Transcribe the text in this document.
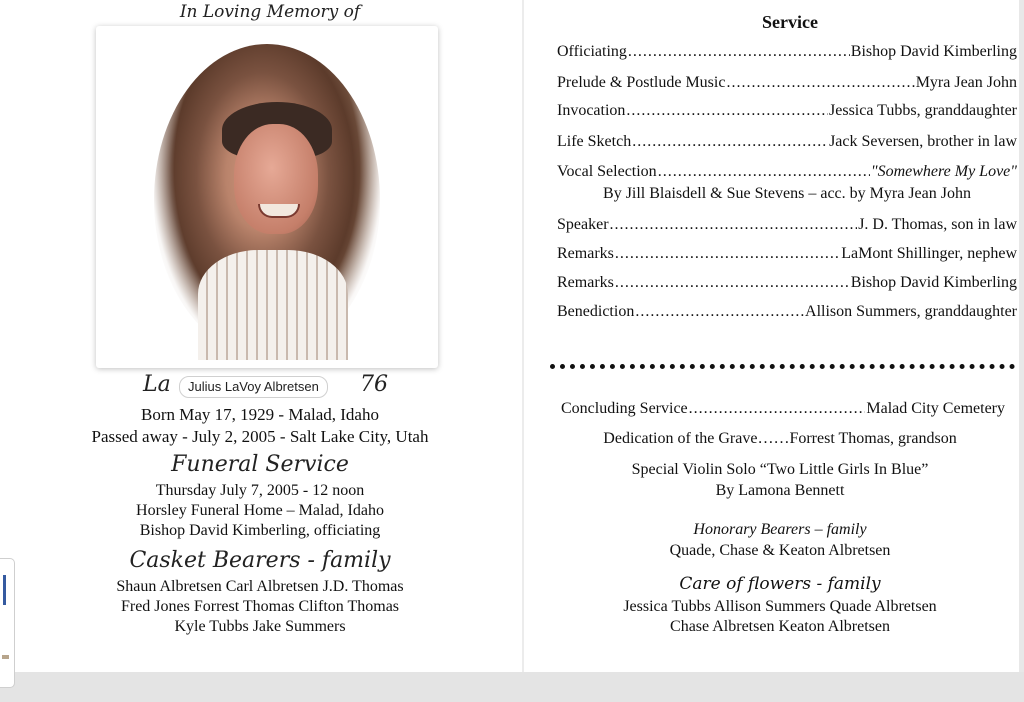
In Loving Memory of
La	Julius LaVoy Albretsen	76
Born May 17, 1929 - Malad, Idaho
Passed away - July 2, 2005 - Salt Lake City, Utah
Funeral Service
Thursday July 7, 2005 - 12 noon
Horsley Funeral Home – Malad, Idaho
Bishop David Kimberling, officiating
Casket Bearers - family
Shaun Albretsen Carl Albretsen J.D. Thomas
Fred Jones Forrest Thomas Clifton Thomas
Kyle Tubbs Jake Summers
Service
Officiating .....	Bishop David Kimberling
Prelude & Postlude Music .....	Myra Jean John
Invocation .....	Jessica Tubbs, granddaughter
Life Sketch .....	Jack Seversen, brother in law
Vocal Selection .....	"Somewhere My Love"
By Jill Blaisdell & Sue Stevens – acc. by Myra Jean John
Speaker .....	J. D. Thomas, son in law
Remarks .....	LaMont Shillinger, nephew
Remarks .....	Bishop David Kimberling
Benediction .....	Allison Summers, granddaughter
Concluding Service .....	Malad City Cemetery
Dedication of the Grave……Forrest Thomas, grandson
Special Violin Solo “Two Little Girls In Blue”
By Lamona Bennett
Honorary Bearers – family
Quade, Chase & Keaton Albretsen
Care of flowers - family
Jessica Tubbs Allison Summers Quade Albretsen
Chase Albretsen Keaton Albretsen
